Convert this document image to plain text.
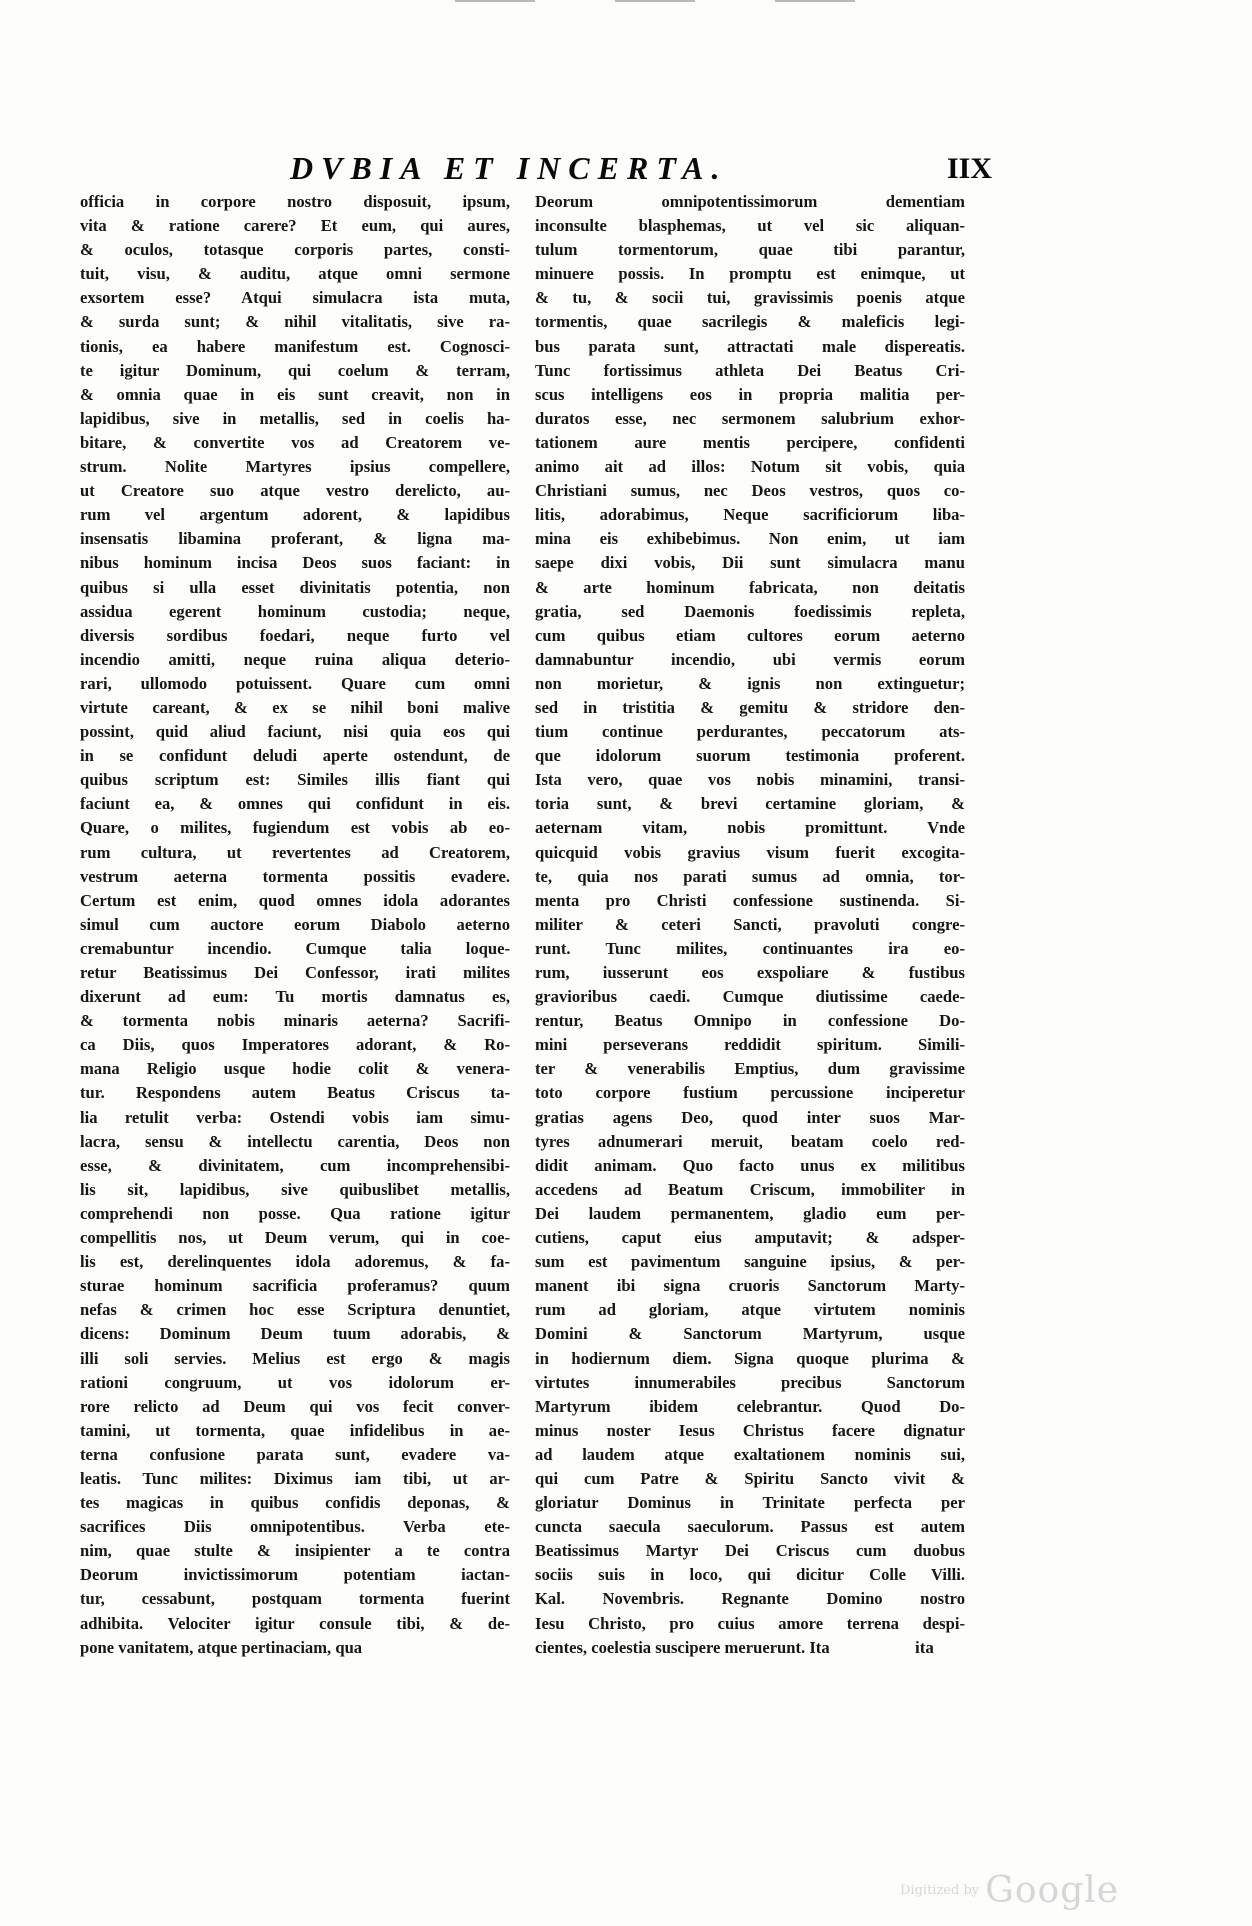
DVBIA ET INCERTA.	IIX
officia in corpore nostro disposuit, ipsum,
vita & ratione carere? Et eum, qui aures,
& oculos, totasque corporis partes, consti-
tuit, visu, & auditu, atque omni sermone
exsortem esse? Atqui simulacra ista muta,
& surda sunt; & nihil vitalitatis, sive ra-
tionis, ea habere manifestum est. Cognosci-
te igitur Dominum, qui coelum & terram,
& omnia quae in eis sunt creavit, non in
lapidibus, sive in metallis, sed in coelis ha-
bitare, & convertite vos ad Creatorem ve-
strum. Nolite Martyres ipsius compellere,
ut Creatore suo atque vestro derelicto, au-
rum vel argentum adorent, & lapidibus
insensatis libamina proferant, & ligna ma-
nibus hominum incisa Deos suos faciant: in
quibus si ulla esset divinitatis potentia, non
assidua egerent hominum custodia; neque,
diversis sordibus foedari, neque furto vel
incendio amitti, neque ruina aliqua deterio-
rari, ullomodo potuissent. Quare cum omni
virtute careant, & ex se nihil boni malive
possint, quid aliud faciunt, nisi quia eos qui
in se confidunt deludi aperte ostendunt, de
quibus scriptum est: Similes illis fiant qui
faciunt ea, & omnes qui confidunt in eis.
Quare, o milites, fugiendum est vobis ab eo-
rum cultura, ut revertentes ad Creatorem,
vestrum aeterna tormenta possitis evadere.
Certum est enim, quod omnes idola adorantes
simul cum auctore eorum Diabolo aeterno
cremabuntur incendio. Cumque talia loque-
retur Beatissimus Dei Confessor, irati milites
dixerunt ad eum: Tu mortis damnatus es,
& tormenta nobis minaris aeterna? Sacrifi-
ca Diis, quos Imperatores adorant, & Ro-
mana Religio usque hodie colit & venera-
tur. Respondens autem Beatus Criscus ta-
lia retulit verba: Ostendi vobis iam simu-
lacra, sensu & intellectu carentia, Deos non
esse, & divinitatem, cum incomprehensibi-
lis sit, lapidibus, sive quibuslibet metallis,
comprehendi non posse. Qua ratione igitur
compellitis nos, ut Deum verum, qui in coe-
lis est, derelinquentes idola adoremus, & fa-
sturae hominum sacrificia proferamus? quum
nefas & crimen hoc esse Scriptura denuntiet,
dicens: Dominum Deum tuum adorabis, &
illi soli servies. Melius est ergo & magis
rationi congruum, ut vos idolorum er-
rore relicto ad Deum qui vos fecit conver-
tamini, ut tormenta, quae infidelibus in ae-
terna confusione parata sunt, evadere va-
leatis. Tunc milites: Diximus iam tibi, ut ar-
tes magicas in quibus confidis deponas, &
sacrifices Diis omnipotentibus. Verba ete-
nim, quae stulte & insipienter a te contra
Deorum invictissimorum potentiam iactan-
tur, cessabunt, postquam tormenta fuerint
adhibita. Velociter igitur consule tibi, & de-
pone vanitatem, atque pertinaciam, qua
Deorum omnipotentissimorum dementiam
inconsulte blasphemas, ut vel sic aliquan-
tulum tormentorum, quae tibi parantur,
minuere possis. In promptu est enimque, ut
& tu, & socii tui, gravissimis poenis atque
tormentis, quae sacrilegis & maleficis legi-
bus parata sunt, attractati male dispereatis.
Tunc fortissimus athleta Dei Beatus Cri-
scus intelligens eos in propria malitia per-
duratos esse, nec sermonem salubrium exhor-
tationem aure mentis percipere, confidenti
animo ait ad illos: Notum sit vobis, quia
Christiani sumus, nec Deos vestros, quos co-
litis, adorabimus, Neque sacrificiorum liba-
mina eis exhibebimus. Non enim, ut iam
saepe dixi vobis, Dii sunt simulacra manu
& arte hominum fabricata, non deitatis
gratia, sed Daemonis foedissimis repleta,
cum quibus etiam cultores eorum aeterno
damnabuntur incendio, ubi vermis eorum
non morietur, & ignis non extinguetur;
sed in tristitia & gemitu & stridore den-
tium continue perdurantes, peccatorum ats-
que idolorum suorum testimonia proferent.
Ista vero, quae vos nobis minamini, transi-
toria sunt, & brevi certamine gloriam, &
aeternam vitam, nobis promittunt. Vnde
quicquid vobis gravius visum fuerit excogita-
te, quia nos parati sumus ad omnia, tor-
menta pro Christi confessione sustinenda. Si-
militer & ceteri Sancti, pravoluti congre-
runt. Tunc milites, continuantes ira eo-
rum, iusserunt eos exspoliare & fustibus
gravioribus caedi. Cumque diutissime caede-
rentur, Beatus Omnipo in confessione Do-
mini perseverans reddidit spiritum. Simili-
ter & venerabilis Emptius, dum gravissime
toto corpore fustium percussione inciperetur
gratias agens Deo, quod inter suos Mar-
tyres adnumerari meruit, beatam coelo red-
didit animam. Quo facto unus ex militibus
accedens ad Beatum Criscum, immobiliter in
Dei laudem permanentem, gladio eum per-
cutiens, caput eius amputavit; & adsper-
sum est pavimentum sanguine ipsius, & per-
manent ibi signa cruoris Sanctorum Marty-
rum ad gloriam, atque virtutem nominis
Domini & Sanctorum Martyrum, usque
in hodiernum diem. Signa quoque plurima &
virtutes innumerabiles precibus Sanctorum
Martyrum ibidem celebrantur. Quod Do-
minus noster Iesus Christus facere dignatur
ad laudem atque exaltationem nominis sui,
qui cum Patre & Spiritu Sancto vivit &
gloriatur Dominus in Trinitate perfecta per
cuncta saecula saeculorum. Passus est autem
Beatissimus Martyr Dei Criscus cum duobus
sociis suis in loco, qui dicitur Colle Villi.
Kal. Novembris. Regnante Domino nostro
Iesu Christo, pro cuius amore terrena despi-
cientes, coelestia suscipere meruerunt. Ita	ita
Digitized by Google
